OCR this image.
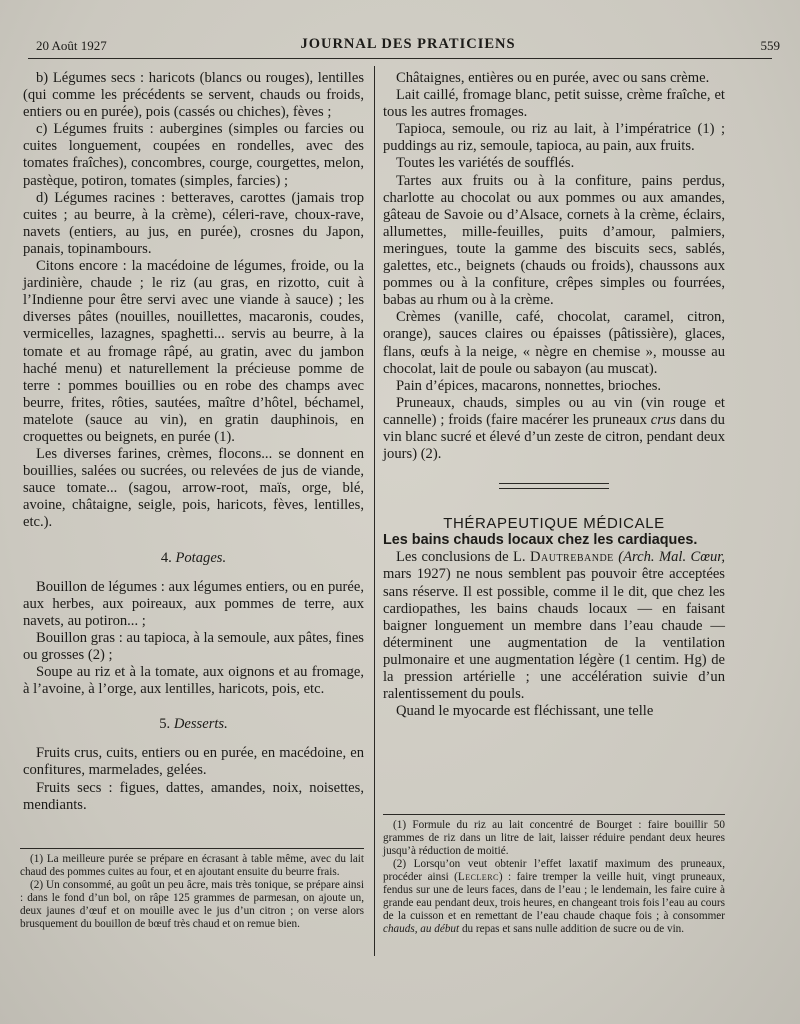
20 Août 1927	JOURNAL DES PRATICIENS	559

b) Légumes secs : haricots (blancs ou rouges), lentilles (qui comme les précédents se servent, chauds ou froids, entiers ou en purée), pois (cassés ou chiches), fèves ;

c) Légumes fruits : aubergines (simples ou farcies ou cuites longuement, coupées en rondelles, avec des tomates fraîches), concombres, courge, courgettes, melon, pastèque, potiron, tomates (simples, farcies) ;

d) Légumes racines : betteraves, carottes (jamais trop cuites ; au beurre, à la crème), céleri-rave, choux-rave, navets (entiers, au jus, en purée), crosnes du Japon, panais, topinambours.

Citons encore : la macédoine de légumes, froide, ou la jardinière, chaude ; le riz (au gras, en rizotto, cuit à l’Indienne pour être servi avec une viande à sauce) ; les diverses pâtes (nouilles, nouillettes, macaronis, coudes, vermicelles, lazagnes, spaghetti... servis au beurre, à la tomate et au fromage râpé, au gratin, avec du jambon haché menu) et naturellement la précieuse pomme de terre : pommes bouillies ou en robe des champs avec beurre, frites, rôties, sautées, maître d’hôtel, béchamel, matelote (sauce au vin), en gratin dauphinois, en croquettes ou beignets, en purée (1).

Les diverses farines, crèmes, flocons... se donnent en bouillies, salées ou sucrées, ou relevées de jus de viande, sauce tomate... (sagou, arrow-root, maïs, orge, blé, avoine, châtaigne, seigle, pois, haricots, fèves, lentilles, etc.).

4. Potages.

Bouillon de légumes : aux légumes entiers, ou en purée, aux herbes, aux poireaux, aux pommes de terre, aux navets, au potiron... ;

Bouillon gras : au tapioca, à la semoule, aux pâtes, fines ou grosses (2) ;

Soupe au riz et à la tomate, aux oignons et au fromage, à l’avoine, à l’orge, aux lentilles, haricots, pois, etc.

5. Desserts.

Fruits crus, cuits, entiers ou en purée, en macédoine, en confitures, marmelades, gelées.

Fruits secs : figues, dattes, amandes, noix, noisettes, mendiants.

(1) La meilleure purée se prépare en écrasant à table même, avec du lait chaud des pommes cuites au four, et en ajoutant ensuite du beurre frais.

(2) Un consommé, au goût un peu âcre, mais très tonique, se prépare ainsi : dans le fond d’un bol, on râpe 125 grammes de parmesan, on ajoute un, deux jaunes d’œuf et on mouille avec le jus d’un citron ; on verse alors brusquement du bouillon de bœuf très chaud et on remue bien.

Châtaignes, entières ou en purée, avec ou sans crème.

Lait caillé, fromage blanc, petit suisse, crème fraîche, et tous les autres fromages.

Tapioca, semoule, ou riz au lait, à l’impératrice (1) ; puddings au riz, semoule, tapioca, au pain, aux fruits.

Toutes les variétés de soufflés.

Tartes aux fruits ou à la confiture, pains perdus, charlotte au chocolat ou aux pommes ou aux amandes, gâteau de Savoie ou d’Alsace, cornets à la crème, éclairs, allumettes, mille-feuilles, puits d’amour, palmiers, meringues, toute la gamme des biscuits secs, sablés, galettes, etc., beignets (chauds ou froids), chaussons aux pommes ou à la confiture, crêpes simples ou fourrées, babas au rhum ou à la crème.

Crèmes (vanille, café, chocolat, caramel, citron, orange), sauces claires ou épaisses (pâtissière), glaces, flans, œufs à la neige, « nègre en chemise », mousse au chocolat, lait de poule ou sabayon (au muscat).

Pain d’épices, macarons, nonnettes, brioches.

Pruneaux, chauds, simples ou au vin (vin rouge et cannelle) ; froids (faire macérer les pruneaux crus dans du vin blanc sucré et élevé d’un zeste de citron, pendant deux jours) (2).

THÉRAPEUTIQUE MÉDICALE

Les bains chauds locaux chez les cardiaques.

Les conclusions de L. Dautrebande (Arch. Mal. Cœur, mars 1927) ne nous semblent pas pouvoir être acceptées sans réserve. Il est possible, comme il le dit, que chez les cardiopathes, les bains chauds locaux — en faisant baigner longuement un membre dans l’eau chaude — déterminent une augmentation de la ventilation pulmonaire et une augmentation légère (1 centim. Hg) de la pression artérielle ; une accélération suivie d’un ralentissement du pouls.

Quand le myocarde est fléchissant, une telle

(1) Formule du riz au lait concentré de Bourget : faire bouillir 50 grammes de riz dans un litre de lait, laisser réduire pendant deux heures jusqu’à réduction de moitié.

(2) Lorsqu’on veut obtenir l’effet laxatif maximum des pruneaux, procéder ainsi (Leclerc) : faire tremper la veille huit, vingt pruneaux, fendus sur une de leurs faces, dans de l’eau ; le lendemain, les faire cuire à grande eau pendant deux, trois heures, en changeant trois fois l’eau au cours de la cuisson et en remettant de l’eau chaude chaque fois ; à consommer chauds, au début du repas et sans nulle addition de sucre ou de vin.
